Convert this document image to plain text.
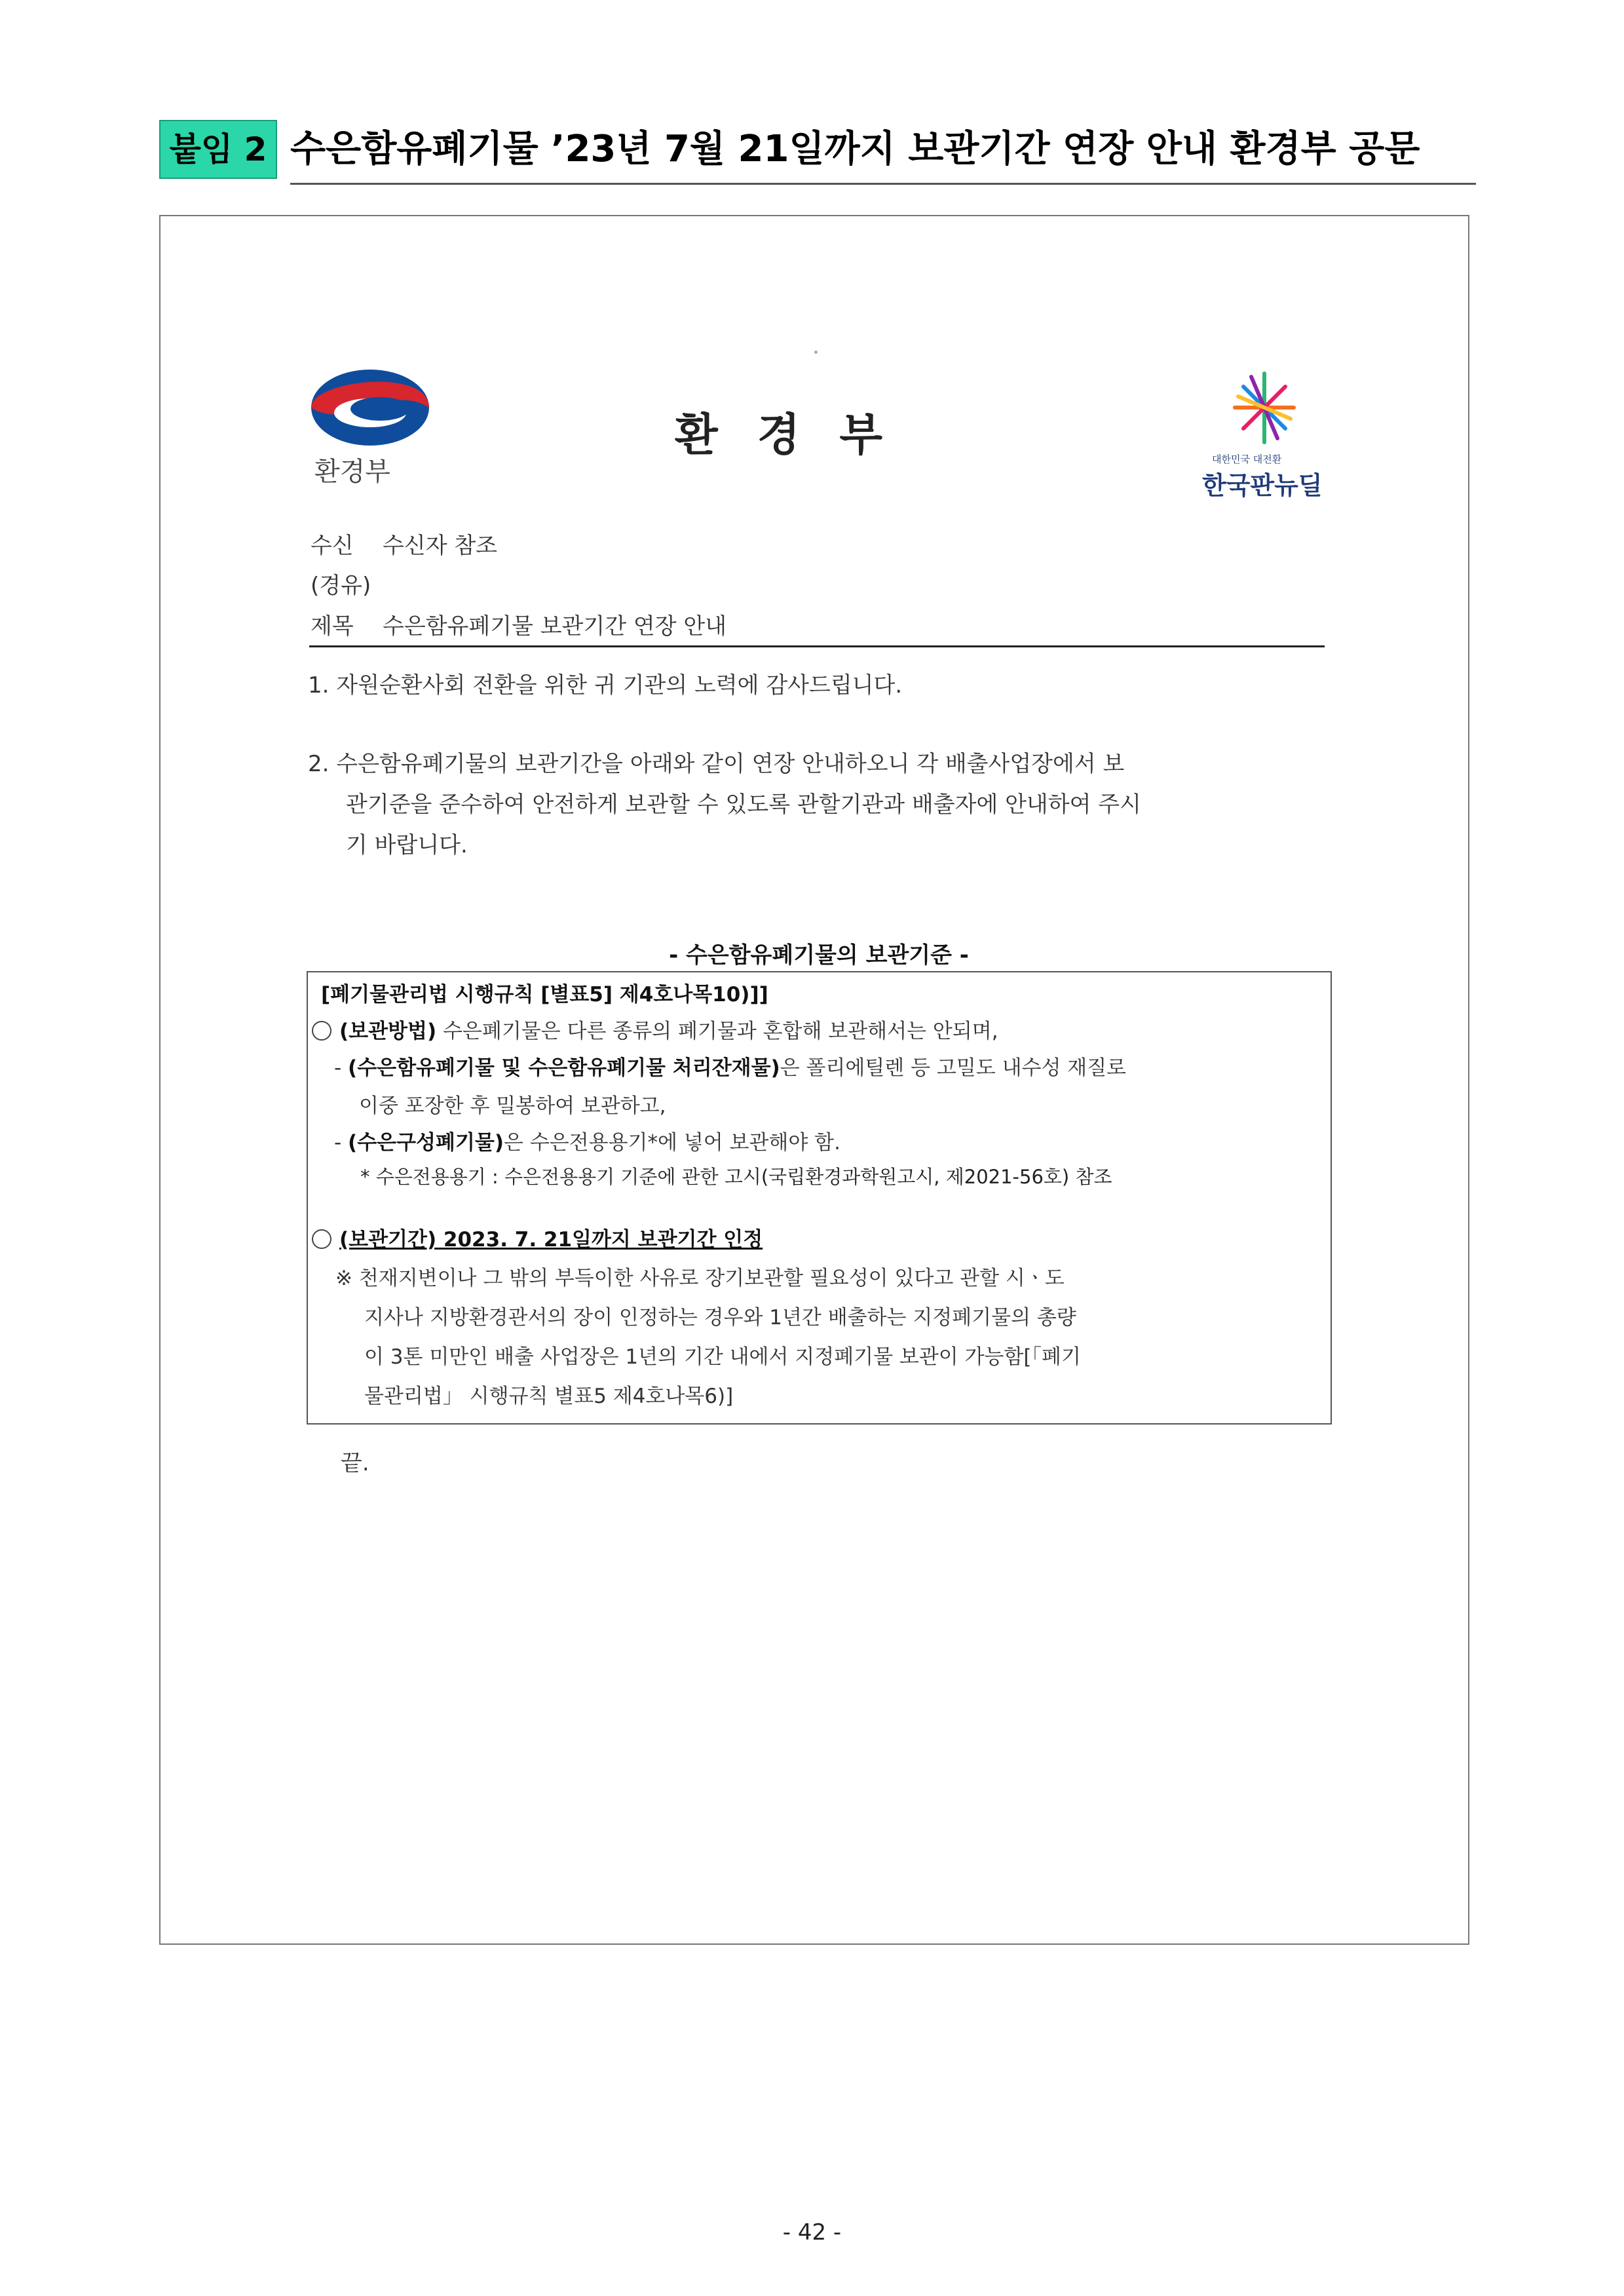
붙임 2 수은함유폐기물 ’23년 7월 21일까지 보관기간 연장 안내 환경부 공문
환경부
환경부	대한민국 대전환
한국판뉴딜
수신 수신자 참조
(경유)
제목 수은함유폐기물 보관기간 연장 안내

1. 자원순환사회 전환을 위한 귀 기관의 노력에 감사드립니다.

2. 수은함유폐기물의 보관기간을 아래와 같이 연장 안내하오니 각 배출사업장에서 보

관기준을 준수하여 안전하게 보관할 수 있도록 관할기관과 배출자에 안내하여 주시

기 바랍니다.

- 수은함유폐기물의 보관기준 -
[폐기물관리법 시행규칙 [별표5] 제4호나목10)]]
(보관방법) 수은폐기물은 다른 종류의 폐기물과 혼합해 보관해서는 안되며,
- (수은함유폐기물 및 수은함유폐기물 처리잔재물)은 폴리에틸렌 등 고밀도 내수성 재질로
이중 포장한 후 밀봉하여 보관하고,
- (수은구성폐기물)은 수은전용용기*에 넣어 보관해야 함.
* 수은전용용기 : 수은전용용기 기준에 관한 고시(국립환경과학원고시, 제2021-56호) 참조
(보관기간) 2023. 7. 21일까지 보관기간 인정
※ 천재지변이나 그 밖의 부득이한 사유로 장기보관할 필요성이 있다고 관할 시ㆍ도
지사나 지방환경관서의 장이 인정하는 경우와 1년간 배출하는 지정폐기물의 총량
이 3톤 미만인 배출 사업장은 1년의 기간 내에서 지정폐기물 보관이 가능함[「폐기
물관리법」 시행규칙 별표5 제4호나목6)]
끝.
- 42 -
